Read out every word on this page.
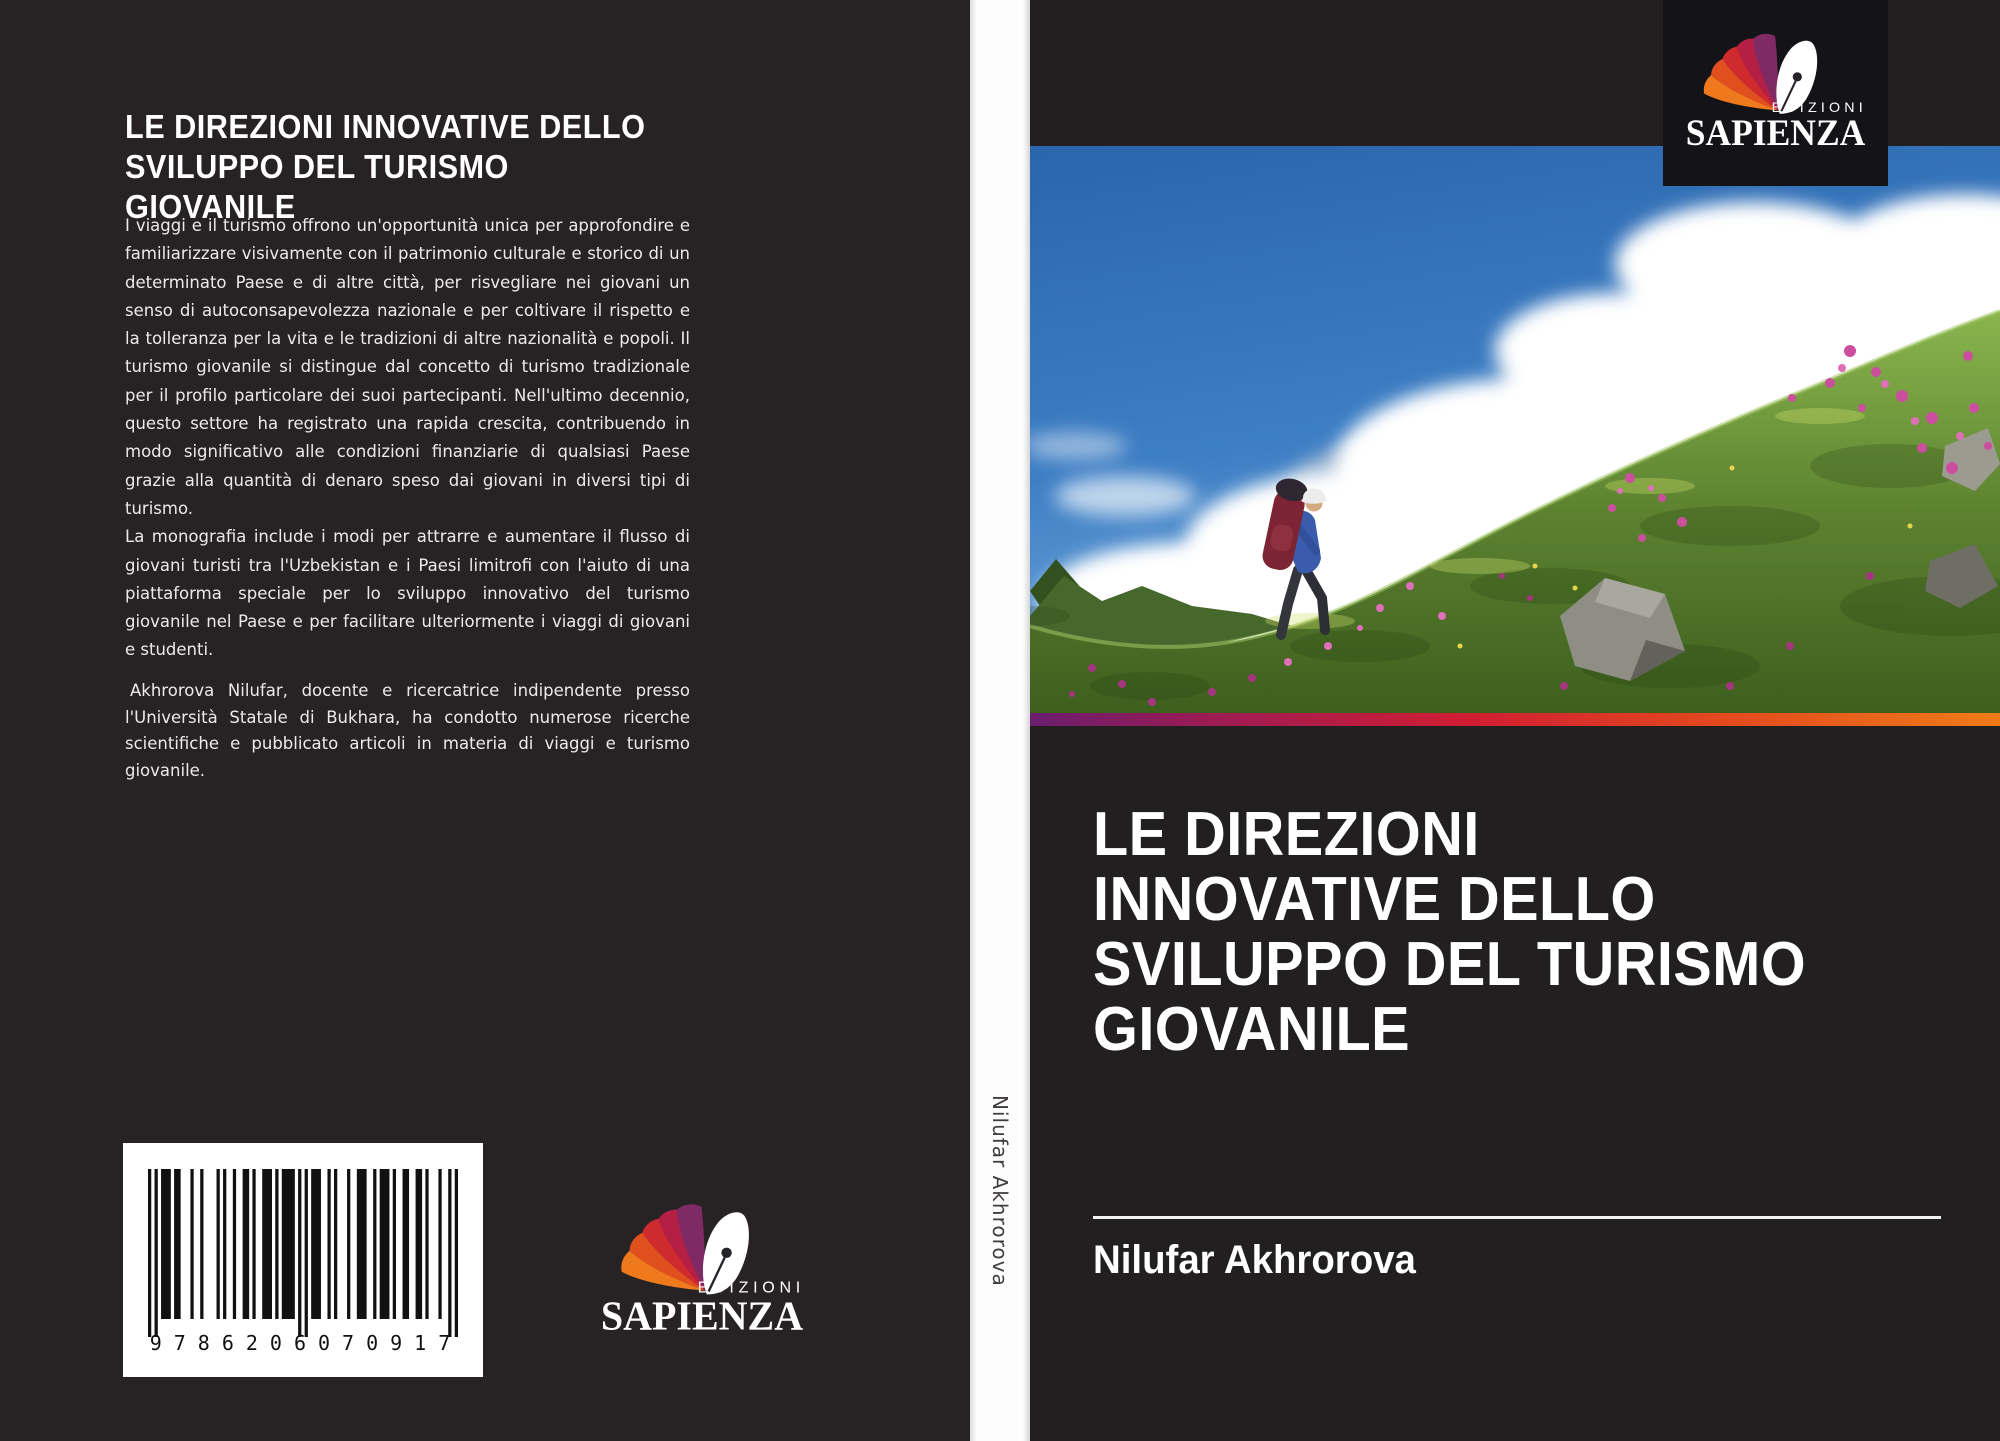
LE DIREZIONI INNOVATIVE DELLO
SVILUPPO DEL TURISMO
GIOVANILE

I viaggi e il turismo offrono un'opportunità unica per approfondire e familiarizzare visivamente con il patrimonio culturale e storico di un determinato Paese e di altre città, per risvegliare nei giovani un senso di autoconsapevolezza nazionale e per coltivare il rispetto e la tolleranza per la vita e le tradizioni di altre nazionalità e popoli. Il turismo giovanile si distingue dal concetto di turismo tradizionale per il profilo particolare dei suoi partecipanti. Nell'ultimo decennio, questo settore ha registrato una rapida crescita, contribuendo in modo significativo alle condizioni finanziarie di qualsiasi Paese grazie alla quantità di denaro speso dai giovani in diversi tipi di turismo.

La monografia include i modi per attrarre e aumentare il flusso di giovani turisti tra l'Uzbekistan e i Paesi limitrofi con l'aiuto di una piattaforma speciale per lo sviluppo innovativo del turismo giovanile nel Paese e per facilitare ulteriormente i viaggi di giovani e studenti.

Akhrorova Nilufar, docente e ricercatrice indipendente presso l'Università Statale di Bukhara, ha condotto numerose ricerche scientifiche e pubblicato articoli in materia di viaggi e turismo giovanile.
9786206070917
Nilufar Akhrorova
LE DIREZIONI
INNOVATIVE DELLO
SVILUPPO DEL TURISMO
GIOVANILE
Nilufar Akhrorova
